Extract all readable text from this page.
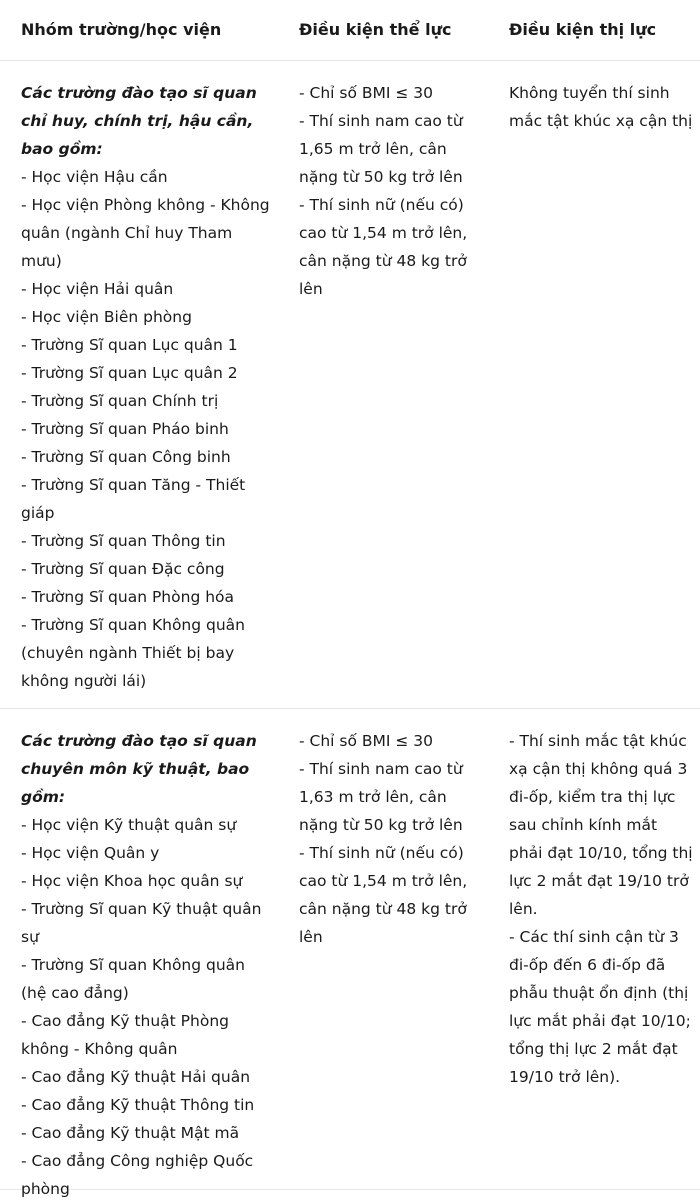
Nhóm trường/học viện	Điều kiện thể lực	Điều kiện thị lực
Các trường đào tạo sĩ quan chỉ huy, chính trị, hậu cần, bao gồm:
- Học viện Hậu cần
- Học viện Phòng không - Không quân (ngành Chỉ huy Tham mưu)
- Học viện Hải quân
- Học viện Biên phòng
- Trường Sĩ quan Lục quân 1
- Trường Sĩ quan Lục quân 2
- Trường Sĩ quan Chính trị
- Trường Sĩ quan Pháo binh
- Trường Sĩ quan Công binh
- Trường Sĩ quan Tăng - Thiết giáp
- Trường Sĩ quan Thông tin
- Trường Sĩ quan Đặc công
- Trường Sĩ quan Phòng hóa
- Trường Sĩ quan Không quân (chuyên ngành Thiết bị bay không người lái)
- Chỉ số BMI ≤ 30
- Thí sinh nam cao từ 1,65 m trở lên, cân nặng từ 50 kg trở lên
- Thí sinh nữ (nếu có) cao từ 1,54 m trở lên, cân nặng từ 48 kg trở lên
Không tuyển thí sinh mắc tật khúc xạ cận thị
Các trường đào tạo sĩ quan chuyên môn kỹ thuật, bao gồm:
- Học viện Kỹ thuật quân sự
- Học viện Quân y
- Học viện Khoa học quân sự
- Trường Sĩ quan Kỹ thuật quân sự
- Trường Sĩ quan Không quân (hệ cao đẳng)
- Cao đẳng Kỹ thuật Phòng không - Không quân
- Cao đẳng Kỹ thuật Hải quân
- Cao đẳng Kỹ thuật Thông tin
- Cao đẳng Kỹ thuật Mật mã
- Cao đẳng Công nghiệp Quốc phòng
- Chỉ số BMI ≤ 30
- Thí sinh nam cao từ 1,63 m trở lên, cân nặng từ 50 kg trở lên
- Thí sinh nữ (nếu có) cao từ 1,54 m trở lên, cân nặng từ 48 kg trở lên
- Thí sinh mắc tật khúc xạ cận thị không quá 3 đi-ốp, kiểm tra thị lực sau chỉnh kính mắt phải đạt 10/10, tổng thị lực 2 mắt đạt 19/10 trở lên.
- Các thí sinh cận từ 3 đi-ốp đến 6 đi-ốp đã phẫu thuật ổn định (thị lực mắt phải đạt 10/10; tổng thị lực 2 mắt đạt 19/10 trở lên).
